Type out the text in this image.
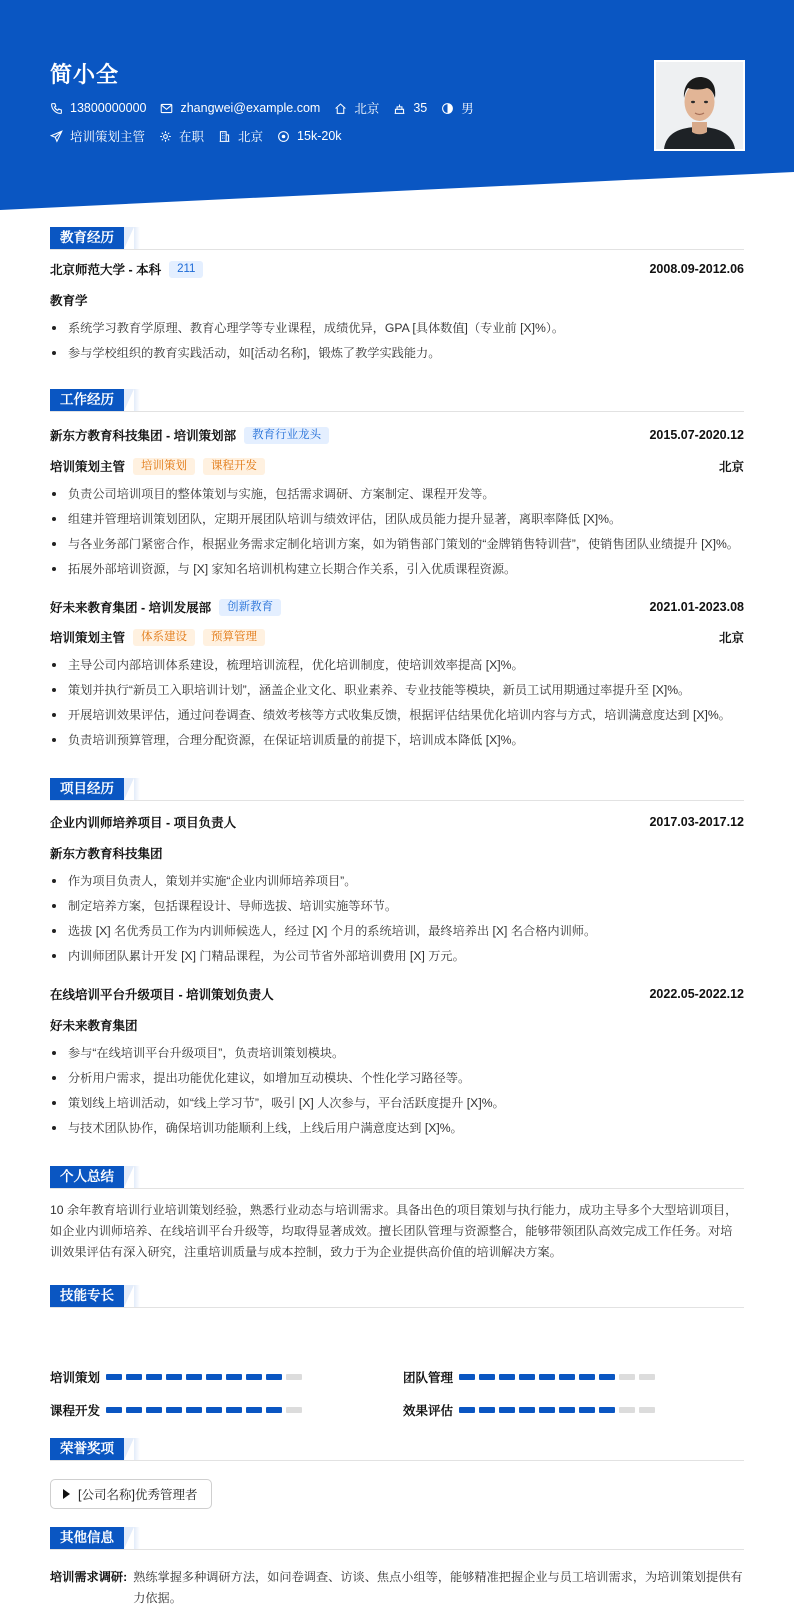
简小全
13800000000	zhangwei@example.com	北京	35	男
培训策划主管	在职	北京	15k-20k
教育经历
北京师范大学 - 本科	211	2008.09-2012.06
教育学
系统学习教育学原理、教育心理学等专业课程，成绩优异，GPA [具体数值]（专业前 [X]%）。
参与学校组织的教育实践活动，如[活动名称]，锻炼了教学实践能力。
工作经历
新东方教育科技集团 - 培训策划部	教育行业龙头	2015.07-2020.12
培训策划主管	培训策划	课程开发	北京
负责公司培训项目的整体策划与实施，包括需求调研、方案制定、课程开发等。
组建并管理培训策划团队，定期开展团队培训与绩效评估，团队成员能力提升显著，离职率降低 [X]%。
与各业务部门紧密合作，根据业务需求定制化培训方案，如为销售部门策划的“金牌销售特训营”，使销售团队业绩提升 [X]%。
拓展外部培训资源，与 [X] 家知名培训机构建立长期合作关系，引入优质课程资源。
好未来教育集团 - 培训发展部	创新教育	2021.01-2023.08
培训策划主管	体系建设	预算管理	北京
主导公司内部培训体系建设，梳理培训流程，优化培训制度，使培训效率提高 [X]%。
策划并执行“新员工入职培训计划”，涵盖企业文化、职业素养、专业技能等模块，新员工试用期通过率提升至 [X]%。
开展培训效果评估，通过问卷调查、绩效考核等方式收集反馈，根据评估结果优化培训内容与方式，培训满意度达到 [X]%。
负责培训预算管理，合理分配资源，在保证培训质量的前提下，培训成本降低 [X]%。
项目经历
企业内训师培养项目 - 项目负责人	2017.03-2017.12
新东方教育科技集团
作为项目负责人，策划并实施“企业内训师培养项目”。
制定培养方案，包括课程设计、导师选拔、培训实施等环节。
选拔 [X] 名优秀员工作为内训师候选人，经过 [X] 个月的系统培训，最终培养出 [X] 名合格内训师。
内训师团队累计开发 [X] 门精品课程，为公司节省外部培训费用 [X] 万元。
在线培训平台升级项目 - 培训策划负责人	2022.05-2022.12
好未来教育集团
参与“在线培训平台升级项目”，负责培训策划模块。
分析用户需求，提出功能优化建议，如增加互动模块、个性化学习路径等。
策划线上培训活动，如“线上学习节”，吸引 [X] 人次参与，平台活跃度提升 [X]%。
与技术团队协作，确保培训功能顺利上线，上线后用户满意度达到 [X]%。
个人总结
10 余年教育培训行业培训策划经验，熟悉行业动态与培训需求。具备出色的项目策划与执行能力，成功主导多个大型培训项目，如企业内训师培养、在线培训平台升级等，均取得显著成效。擅长团队管理与资源整合，能够带领团队高效完成工作任务。对培训效果评估有深入研究，注重培训质量与成本控制，致力于为企业提供高价值的培训解决方案。
技能专长
培训策划	团队管理
课程开发	效果评估
荣誉奖项
[公司名称]优秀管理者
其他信息
培训需求调研: 熟练掌握多种调研方法，如问卷调查、访谈、焦点小组等，能够精准把握企业与员工培训需求，为培训策划提供有力依据。
